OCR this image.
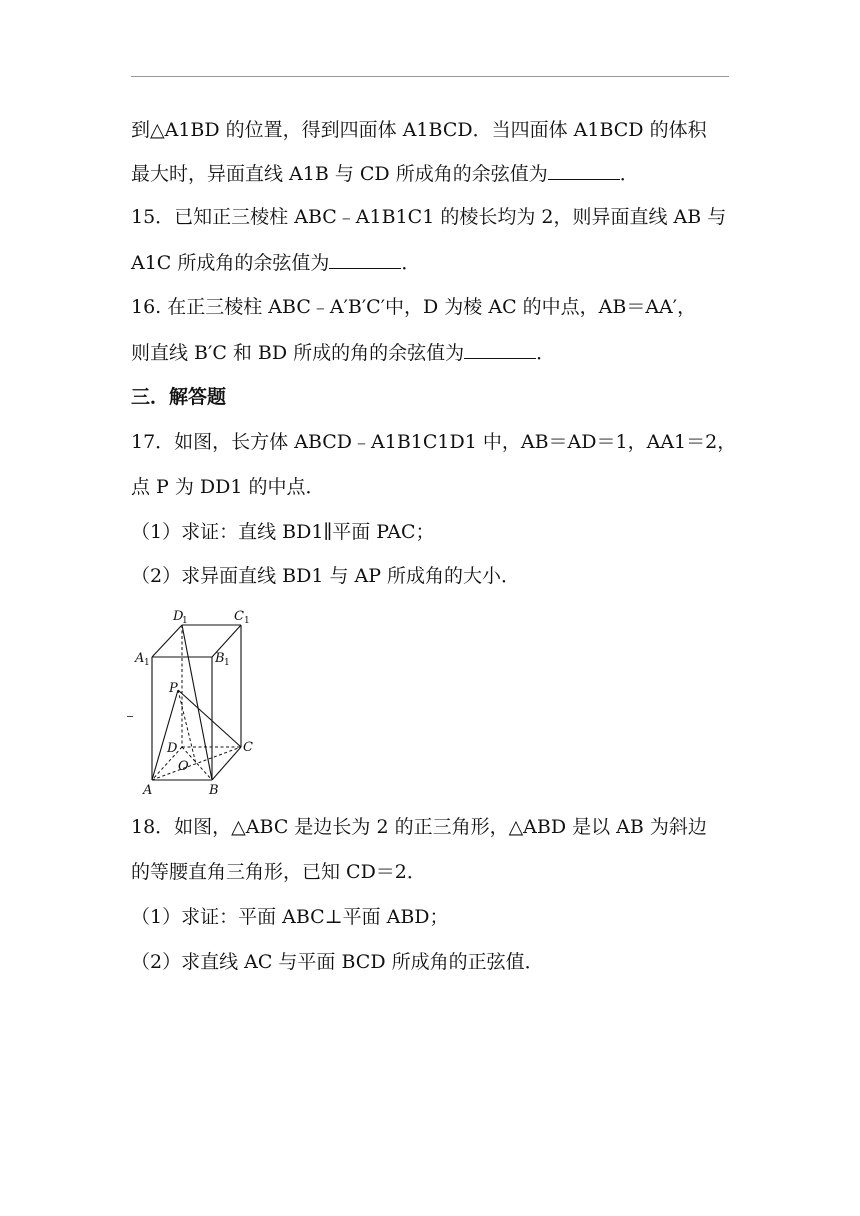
到△A1BD 的位置，得到四面体 A1BCD．当四面体 A1BCD 的体积
最大时，异面直线 A1B 与 CD 所成角的余弦值为	．
15．已知正三棱柱 ABC﹣A1B1C1 的棱长均为 2，则异面直线 AB 与
A1C 所成角的余弦值为	．
16. 在正三棱柱 ABC﹣A′B′C′中，D 为棱 AC 的中点，AB＝AA′，
则直线 B′C 和 BD 所成的角的余弦值为	．
三．解答题
17．如图，长方体 ABCD﹣A1B1C1D1 中，AB＝AD＝1，AA1＝2，
点 P 为 DD1 的中点．
（1）求证：直线 BD1∥平面 PAC；
（2）求异面直线 BD1 与 AP 所成角的大小．
D
1	C 1
A 1	B 1
P
D	C
O
A	B
18．如图，△ABC 是边长为 2 的正三角形，△ABD 是以 AB 为斜边
的等腰直角三角形，已知 CD＝2．
（1）求证：平面 ABC⊥平面 ABD；
（2）求直线 AC 与平面 BCD 所成角的正弦值．
